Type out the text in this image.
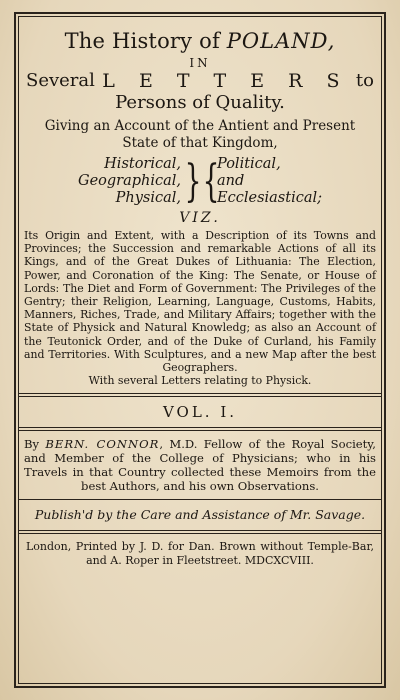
The History of POLAND,
IN
Several L E T T E R S to
Persons of Quality.
Giving an Account of the Antient and Present
State of that Kingdom,
Historical,
Geographical,
Physical, } {
Political,
and
Ecclesiastical;
VIZ.

Its Origin and Extent, with a Description of its Towns and Provinces; the Succession and remarkable Actions of all its Kings, and of the Great Dukes of Lithuania: The Election, Power, and Coronation of the King: The Senate, or House of Lords: The Diet and Form of Government: The Privileges of the Gentry; their Religion, Learning, Language, Customs, Habits, Manners, Riches, Trade, and Military Affairs; together with the State of Physick and Natural Knowledg; as also an Account of the Teutonick Order, and of the Duke of Curland, his Family and Territories. With Sculptures, and a new Map after the best Geographers.

With several Letters relating to Physick.

VOL. I.
By BERN. CONNOR, M.D. Fellow of the Royal Society, and Member of the College of Physicians; who in his Travels in that Country collected these Memoirs from the best Authors, and his own Observations.
Publish'd by the Care and Assistance of Mr. Savage.
London, Printed by J. D. for Dan. Brown without Temple-Bar, and A. Roper in Fleetstreet. MDCXCVIII.
